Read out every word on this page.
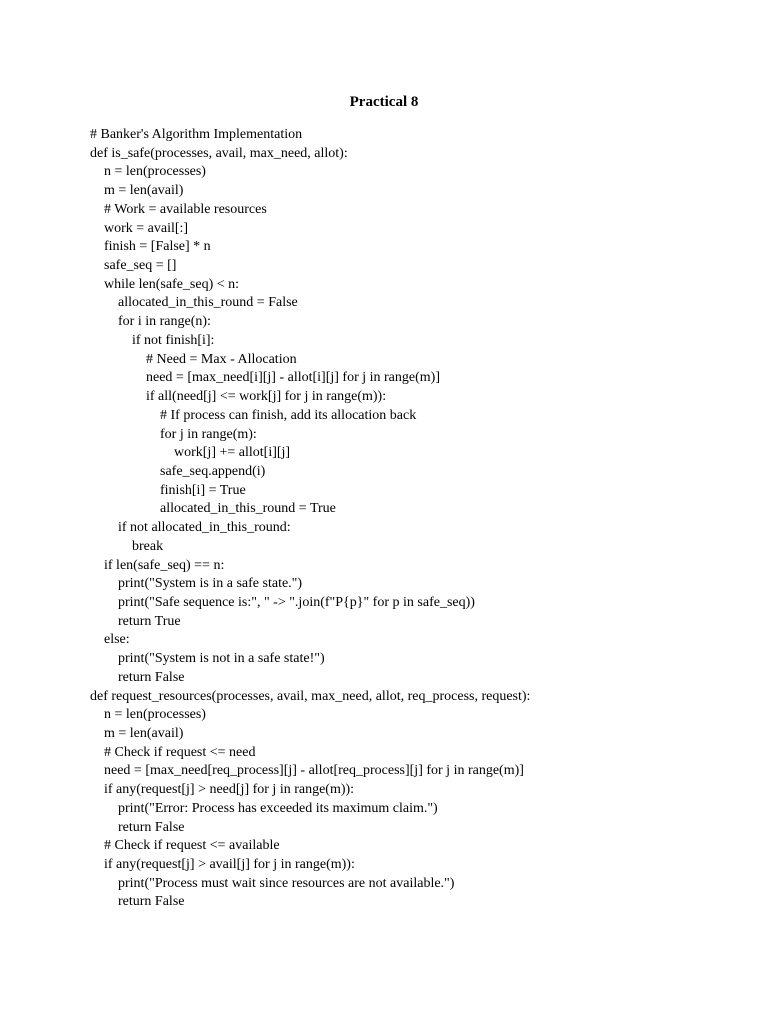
Practical 8
# Banker's Algorithm Implementation
def is_safe(processes, avail, max_need, allot):
n = len(processes)
m = len(avail)
# Work = available resources
work = avail[:]
finish = [False] * n
safe_seq = []
while len(safe_seq) < n:
allocated_in_this_round = False
for i in range(n):
if not finish[i]:
# Need = Max - Allocation
need = [max_need[i][j] - allot[i][j] for j in range(m)]
if all(need[j] <= work[j] for j in range(m)):
# If process can finish, add its allocation back
for j in range(m):
work[j] += allot[i][j]
safe_seq.append(i)
finish[i] = True
allocated_in_this_round = True
if not allocated_in_this_round:
break
if len(safe_seq) == n:
print("System is in a safe state.")
print("Safe sequence is:", " -> ".join(f"P{p}" for p in safe_seq))
return True
else:
print("System is not in a safe state!")
return False
def request_resources(processes, avail, max_need, allot, req_process, request):
n = len(processes)
m = len(avail)
# Check if request <= need
need = [max_need[req_process][j] - allot[req_process][j] for j in range(m)]
if any(request[j] > need[j] for j in range(m)):
print("Error: Process has exceeded its maximum claim.")
return False
# Check if request <= available
if any(request[j] > avail[j] for j in range(m)):
print("Process must wait since resources are not available.")
return False
